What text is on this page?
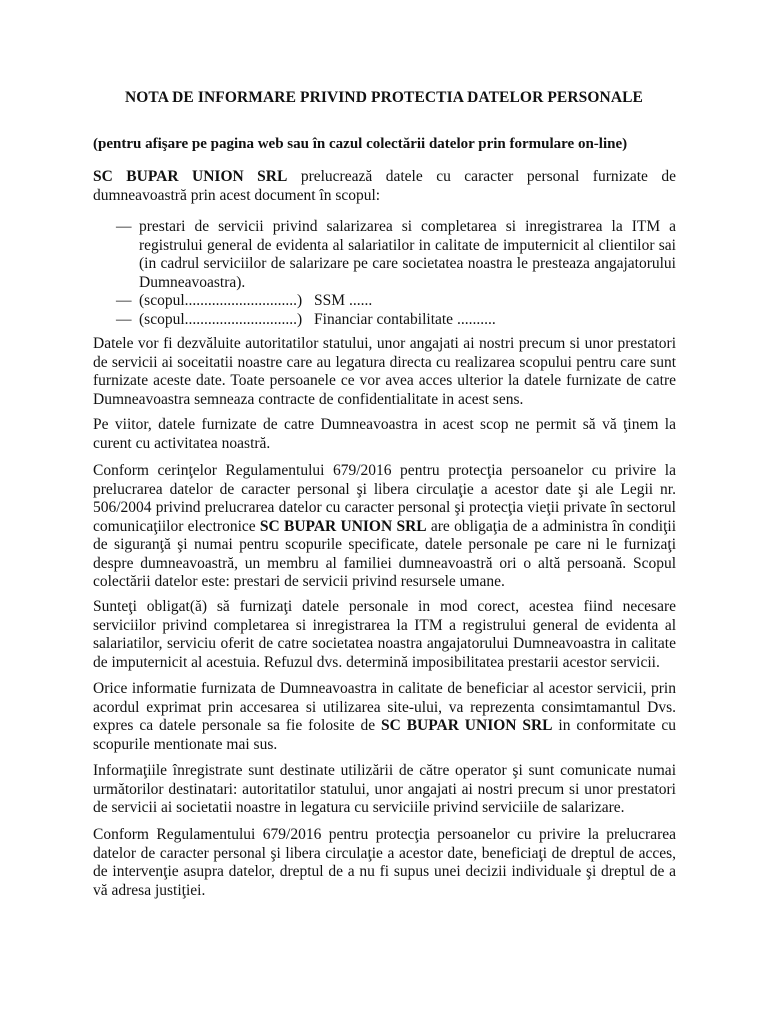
NOTA DE INFORMARE PRIVIND PROTECTIA DATELOR PERSONALE

(pentru afişare pe pagina web sau în cazul colectării datelor prin formulare on-line)

SC BUPAR UNION SRL prelucrează datele cu caracter personal furnizate de dumneavoastră prin acest document în scopul:

— prestari de servicii privind salarizarea si completarea si inregistrarea la ITM a registrului general de evidenta al salariatilor in calitate de imputernicit al clientilor sai (in cadrul serviciilor de salarizare pe care societatea noastra le presteaza angajatorului Dumneavoastra).
— (scopul.............................) SSM ......
— (scopul.............................) Financiar contabilitate ..........

Datele vor fi dezvăluite autoritatilor statului, unor angajati ai nostri precum si unor prestatori de servicii ai soceitatii noastre care au legatura directa cu realizarea scopului pentru care sunt furnizate aceste date. Toate persoanele ce vor avea acces ulterior la datele furnizate de catre Dumneavoastra semneaza contracte de confidentialitate in acest sens.

Pe viitor, datele furnizate de catre Dumneavoastra in acest scop ne permit să vă ţinem la curent cu activitatea noastră.

Conform cerinţelor Regulamentului 679/2016 pentru protecţia persoanelor cu privire la prelucrarea datelor de caracter personal şi libera circulaţie a acestor date şi ale Legii nr. 506/2004 privind prelucrarea datelor cu caracter personal şi protecţia vieţii private în sectorul comunicaţiilor electronice SC BUPAR UNION SRL are obligaţia de a administra în condiţii de siguranţă şi numai pentru scopurile specificate, datele personale pe care ni le furnizaţi despre dumneavoastră, un membru al familiei dumneavoastră ori o altă persoană. Scopul colectării datelor este: prestari de servicii privind resursele umane.

Sunteţi obligat(ă) să furnizaţi datele personale in mod corect, acestea fiind necesare serviciilor privind completarea si inregistrarea la ITM a registrului general de evidenta al salariatilor, serviciu oferit de catre societatea noastra angajatorului Dumneavoastra in calitate de imputernicit al acestuia. Refuzul dvs. determină imposibilitatea prestarii acestor servicii.

Orice informatie furnizata de Dumneavoastra in calitate de beneficiar al acestor servicii, prin acordul exprimat prin accesarea si utilizarea site-ului, va reprezenta consimtamantul Dvs. expres ca datele personale sa fie folosite de SC BUPAR UNION SRL in conformitate cu scopurile mentionate mai sus.

Informaţiile înregistrate sunt destinate utilizării de către operator şi sunt comunicate numai următorilor destinatari: autoritatilor statului, unor angajati ai nostri precum si unor prestatori de servicii ai societatii noastre in legatura cu serviciile privind serviciile de salarizare.

Conform Regulamentului 679/2016 pentru protecţia persoanelor cu privire la prelucrarea datelor de caracter personal şi libera circulaţie a acestor date, beneficiaţi de dreptul de acces, de intervenţie asupra datelor, dreptul de a nu fi supus unei decizii individuale şi dreptul de a vă adresa justiţiei.
